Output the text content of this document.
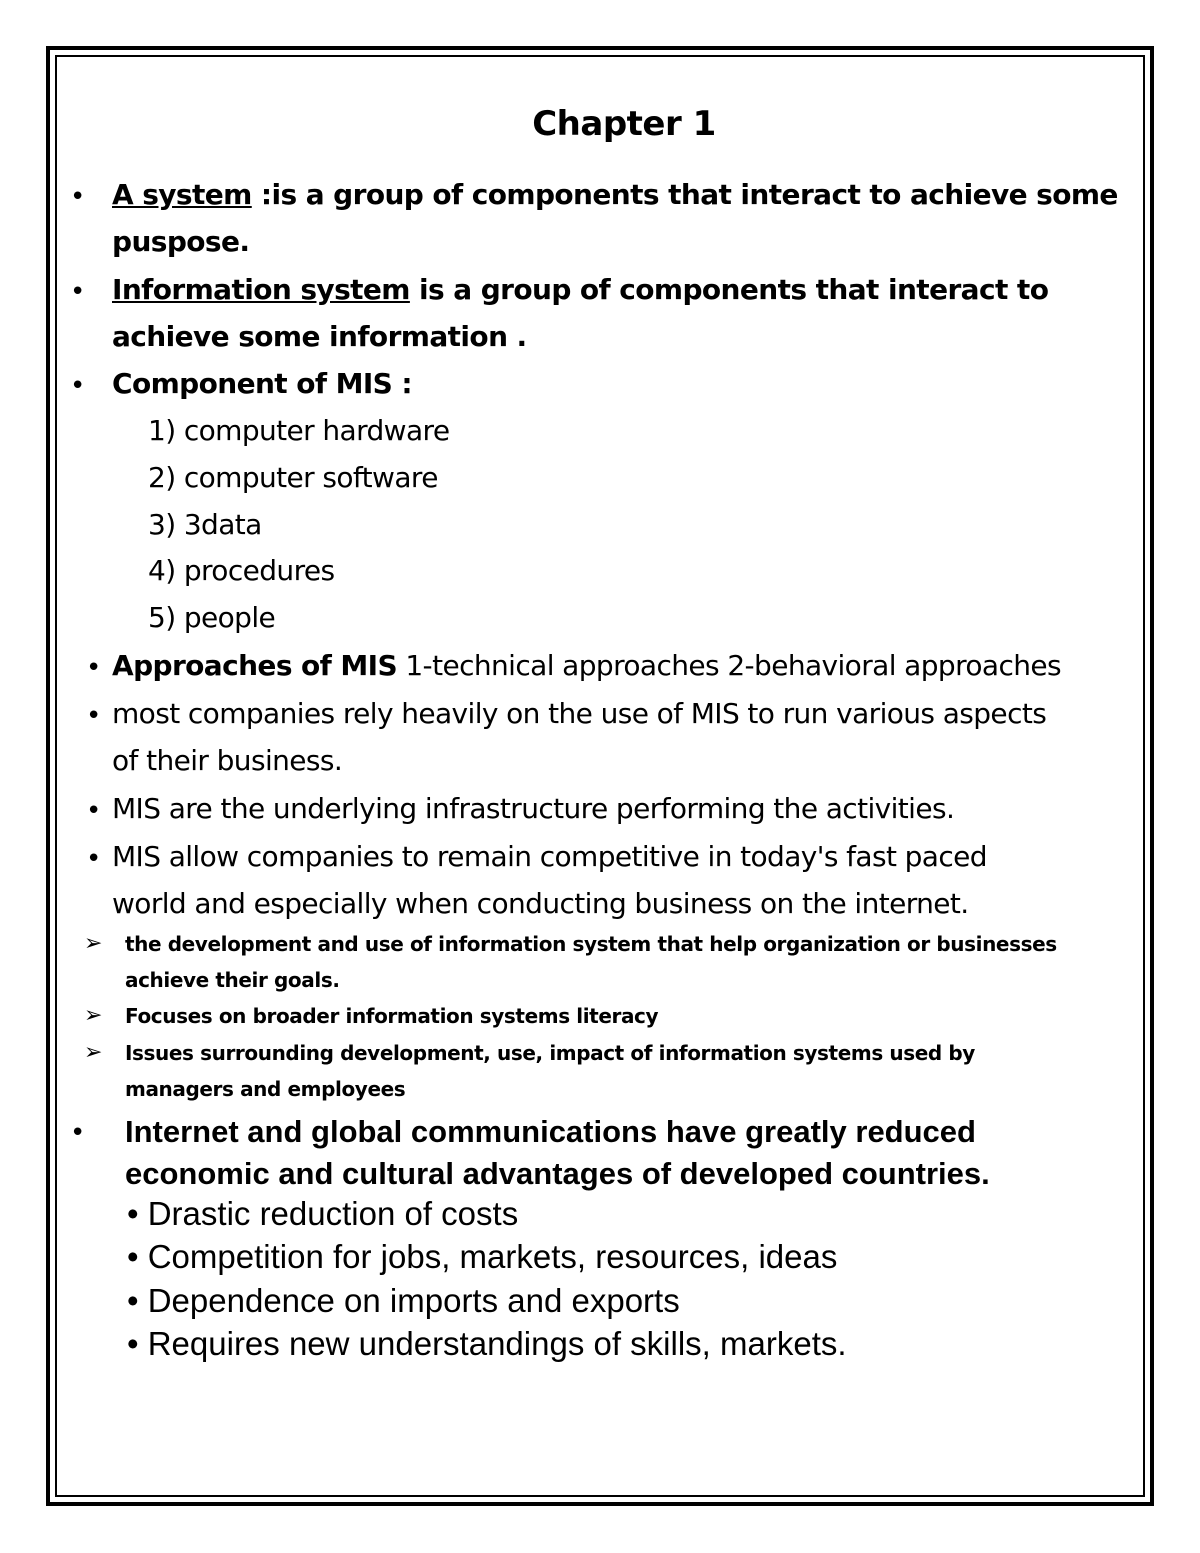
Chapter 1
• A system :is a group of components that interact to achieve some
puspose.
• Information system is a group of components that interact to
achieve some information .
• Component of MIS :
1) computer hardware
2) computer software
3) 3data
4) procedures
5) people
• Approaches of MIS 1-technical approaches 2-behavioral approaches
• most companies rely heavily on the use of MIS to run various aspects
of their business.
• MIS are the underlying infrastructure performing the activities.
• MIS allow companies to remain competitive in today's fast paced
world and especially when conducting business on the internet.
➢ the development and use of information system that help organization or businesses
achieve their goals.
➢ Focuses on broader information systems literacy
➢ Issues surrounding development, use, impact of information systems used by
managers and employees
• Internet and global communications have greatly reduced
economic and cultural advantages of developed countries.
• Drastic reduction of costs
• Competition for jobs, markets, resources, ideas
• Dependence on imports and exports
• Requires new understandings of skills, markets.
